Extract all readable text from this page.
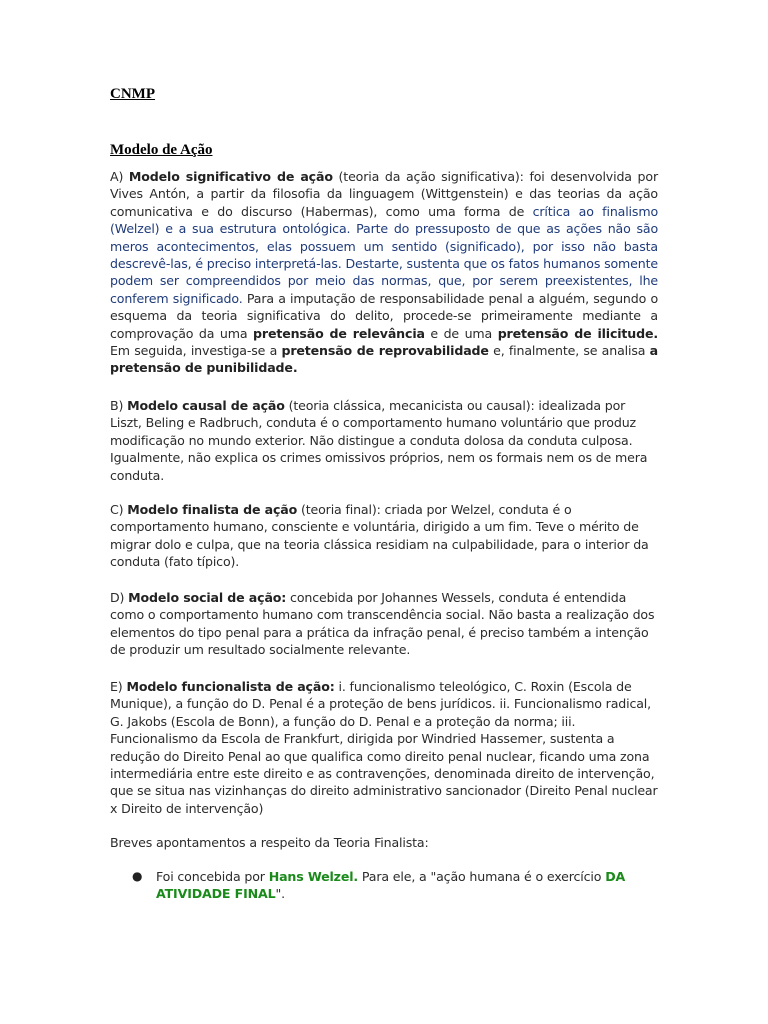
CNMP
Modelo de Ação

A) Modelo significativo de ação (teoria da ação significativa): foi desenvolvida por Vives Antón, a partir da filosofia da linguagem (Wittgenstein) e das teorias da ação comunicativa e do discurso (Habermas), como uma forma de crítica ao finalismo (Welzel) e a sua estrutura ontológica. Parte do pressuposto de que as ações não são meros acontecimentos, elas possuem um sentido (significado), por isso não basta descrevê-las, é preciso interpretá-las. Destarte, sustenta que os fatos humanos somente podem ser compreendidos por meio das normas, que, por serem preexistentes, lhe conferem significado. Para a imputação de responsabilidade penal a alguém, segundo o esquema da teoria significativa do delito, procede-se primeiramente mediante a comprovação da uma pretensão de relevância e de uma pretensão de ilicitude. Em seguida, investiga-se a pretensão de reprovabilidade e, finalmente, se analisa a pretensão de punibilidade.

B) Modelo causal de ação (teoria clássica, mecanicista ou causal): idealizada por Liszt, Beling e Radbruch, conduta é o comportamento humano voluntário que produz modificação no mundo exterior. Não distingue a conduta dolosa da conduta culposa. Igualmente, não explica os crimes omissivos próprios, nem os formais nem os de mera conduta.

C) Modelo finalista de ação (teoria final): criada por Welzel, conduta é o comportamento humano, consciente e voluntária, dirigido a um fim. Teve o mérito de migrar dolo e culpa, que na teoria clássica residiam na culpabilidade, para o interior da conduta (fato típico).

D) Modelo social de ação: concebida por Johannes Wessels, conduta é entendida como o comportamento humano com transcendência social. Não basta a realização dos elementos do tipo penal para a prática da infração penal, é preciso também a intenção de produzir um resultado socialmente relevante.

E) Modelo funcionalista de ação: i. funcionalismo teleológico, C. Roxin (Escola de Munique), a função do D. Penal é a proteção de bens jurídicos. ii. Funcionalismo radical, G. Jakobs (Escola de Bonn), a função do D. Penal e a proteção da norma; iii. Funcionalismo da Escola de Frankfurt, dirigida por Windried Hassemer, sustenta a redução do Direito Penal ao que qualifica como direito penal nuclear, ficando uma zona intermediária entre este direito e as contravenções, denominada direito de intervenção, que se situa nas vizinhanças do direito administrativo sancionador (Direito Penal nuclear x Direito de intervenção)

Breves apontamentos a respeito da Teoria Finalista:

● Foi concebida por Hans Welzel. Para ele, a "ação humana é o exercício DA ATIVIDADE FINAL".
